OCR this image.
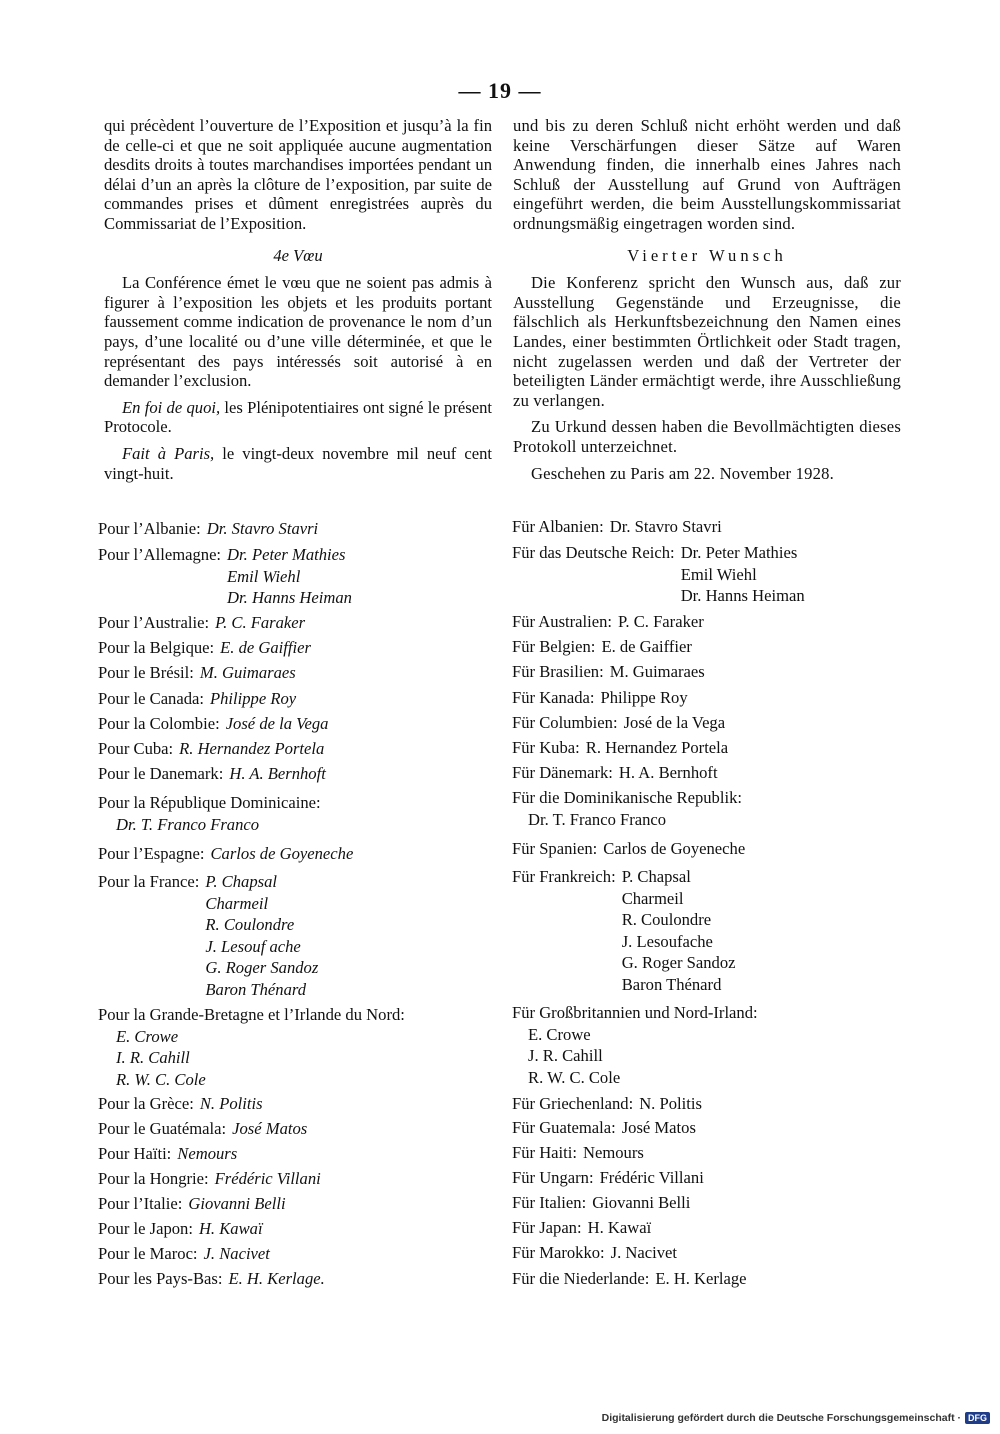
— 19 —

qui précèdent l’ouverture de l’Exposition et jusqu’à la fin de celle-ci et que ne soit appliquée aucune augmentation desdits droits à toutes marchandises importées pendant un délai d’un an après la clôture de l’exposition, par suite de commandes prises et dûment enregistrées auprès du Commissariat de l’Exposition.

4e Vœu

La Conférence émet le vœu que ne soient pas admis à figurer à l’exposition les objets et les produits portant faussement comme indication de provenance le nom d’un pays, d’une localité ou d’une ville déterminée, et que le représentant des pays intéressés soit autorisé à en demander l’exclusion.

En foi de quoi, les Plénipotentiaires ont signé le présent Protocole.

Fait à Paris, le vingt-deux novembre mil neuf cent vingt-huit.

und bis zu deren Schluß nicht erhöht werden und daß keine Verschärfungen dieser Sätze auf Waren Anwendung finden, die innerhalb eines Jahres nach Schluß der Ausstellung auf Grund von Aufträgen eingeführt werden, die beim Ausstellungskommissariat ordnungsmäßig eingetragen worden sind.

Vierter Wunsch

Die Konferenz spricht den Wunsch aus, daß zur Ausstellung Gegenstände und Erzeugnisse, die fälschlich als Herkunftsbezeichnung den Namen eines Landes, einer bestimmten Örtlichkeit oder Stadt tragen, nicht zugelassen werden und daß der Vertreter der beteiligten Länder ermächtigt werde, ihre Ausschließung zu verlangen.

Zu Urkund dessen haben die Bevollmächtigten dieses Protokoll unterzeichnet.

Geschehen zu Paris am 22. November 1928.

Pour l’Albanie: Dr. Stavro Stavri
Pour l’Allemagne: Dr. Peter Mathies
Emil Wiehl
Dr. Hanns Heiman
Pour l’Australie: P. C. Faraker
Pour la Belgique: E. de Gaiffier
Pour le Brésil: M. Guimaraes
Pour le Canada: Philippe Roy
Pour la Colombie: José de la Vega
Pour Cuba: R. Hernandez Portela
Pour le Danemark: H. A. Bernhoft
Pour la République Dominicaine:
Dr. T. Franco Franco
Pour l’Espagne: Carlos de Goyeneche
Pour la France: P. Chapsal
Charmeil
R. Coulondre
J. Lesouf ache
G. Roger Sandoz
Baron Thénard
Pour la Grande-Bretagne et l’Irlande du Nord:
E. Crowe
I. R. Cahill
R. W. C. Cole
Pour la Grèce: N. Politis
Pour le Guatémala: José Matos
Pour Haïti: Nemours
Pour la Hongrie: Frédéric Villani
Pour l’Italie: Giovanni Belli
Pour le Japon: H. Kawaï
Pour le Maroc: J. Nacivet
Pour les Pays-Bas: E. H. Kerlage.
Für Albanien: Dr. Stavro Stavri
Für das Deutsche Reich: Dr. Peter Mathies
Emil Wiehl
Dr. Hanns Heiman
Für Australien: P. C. Faraker
Für Belgien: E. de Gaiffier
Für Brasilien: M. Guimaraes
Für Kanada: Philippe Roy
Für Columbien: José de la Vega
Für Kuba: R. Hernandez Portela
Für Dänemark: H. A. Bernhoft
Für die Dominikanische Republik:
Dr. T. Franco Franco
Für Spanien: Carlos de Goyeneche
Für Frankreich: P. Chapsal
Charmeil
R. Coulondre
J. Lesoufache
G. Roger Sandoz
Baron Thénard
Für Großbritannien und Nord-Irland:
E. Crowe
J. R. Cahill
R. W. C. Cole
Für Griechenland: N. Politis
Für Guatemala: José Matos
Für Haiti: Nemours
Für Ungarn: Frédéric Villani
Für Italien: Giovanni Belli
Für Japan: H. Kawaï
Für Marokko: J. Nacivet
Für die Niederlande: E. H. Kerlage
Digitalisierung gefördert durch die Deutsche Forschungsgemeinschaft · DFG
